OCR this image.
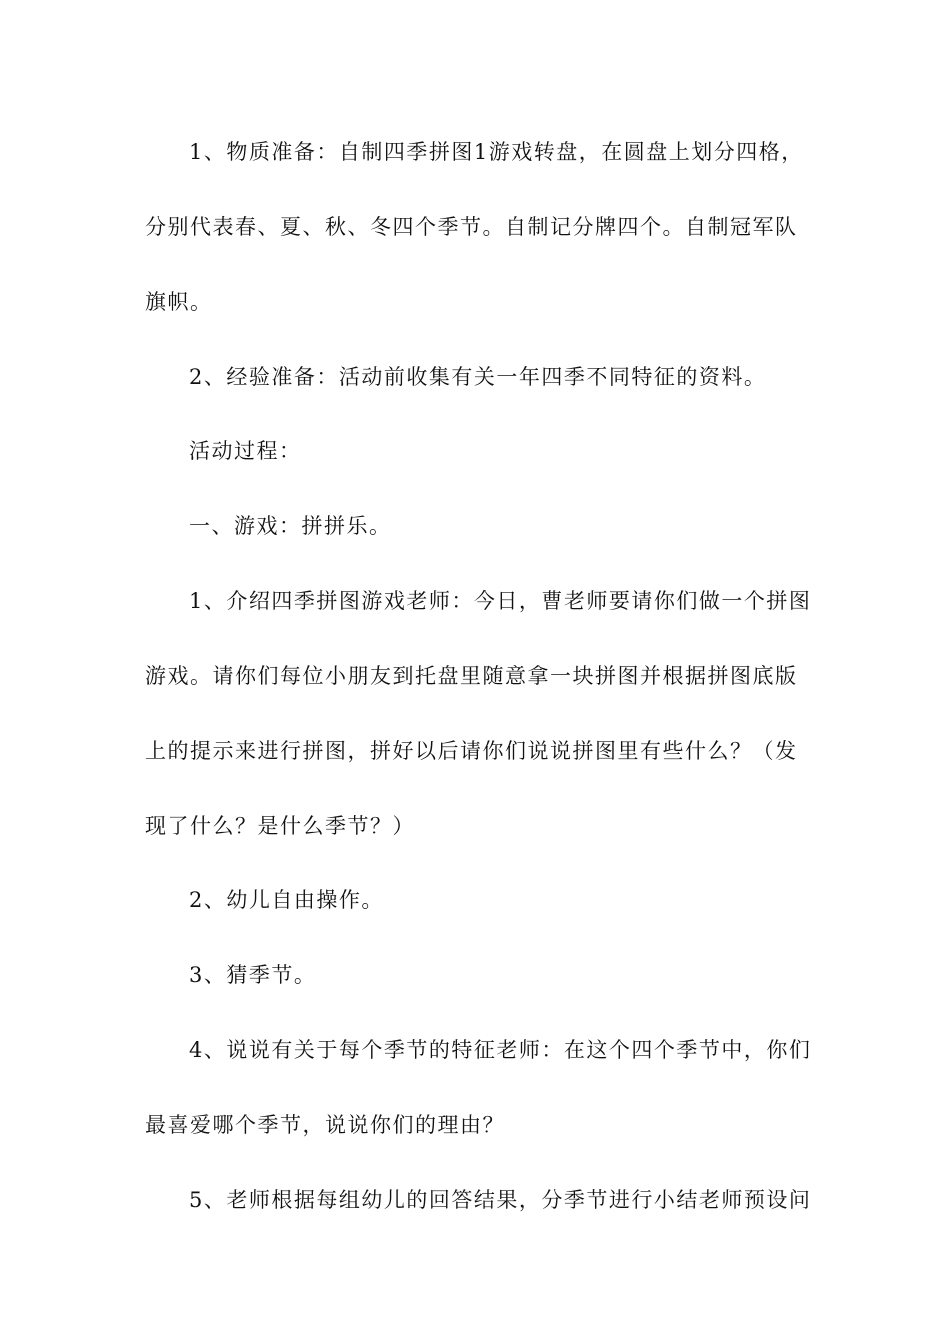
1、物质准备：自制四季拼图1游戏转盘，在圆盘上划分四格，
分别代表春、夏、秋、冬四个季节。自制记分牌四个。自制冠军队
旗帜。
2、经验准备：活动前收集有关一年四季不同特征的资料。
活动过程：
一、游戏：拼拼乐。
1、介绍四季拼图游戏老师：今日，曹老师要请你们做一个拼图
游戏。请你们每位小朋友到托盘里随意拿一块拼图并根据拼图底版
上的提示来进行拼图，拼好以后请你们说说拼图里有些什么？（发
现了什么？是什么季节？）
2、幼儿自由操作。
3、猜季节。
4、说说有关于每个季节的特征老师：在这个四个季节中，你们
最喜爱哪个季节，说说你们的理由？
5、老师根据每组幼儿的回答结果，分季节进行小结老师预设问
